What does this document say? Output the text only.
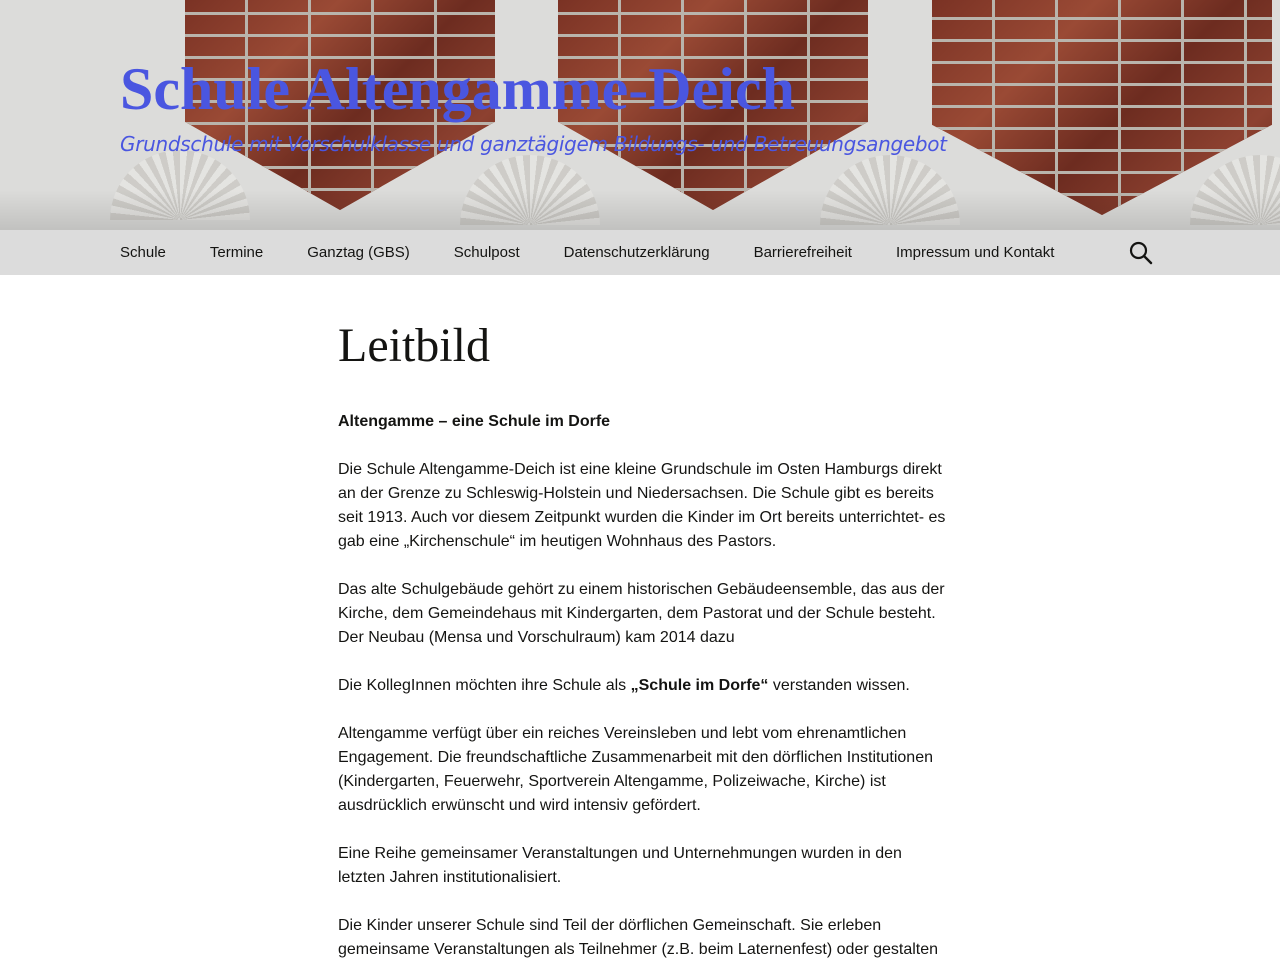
Schule Altengamme-Deich
Grundschule mit Vorschulklasse und ganztägigem Bildungs- und Betreuungsangebot
Schule	Termine	Ganztag (GBS)	Schulpost	Datenschutzerklärung	Barrierefreiheit	Impressum und Kontakt
Leitbild

Altengamme – eine Schule im Dorfe

Die Schule Altengamme-Deich ist eine kleine Grundschule im Osten Hamburgs direkt an der Grenze zu Schleswig-Holstein und Niedersachsen. Die Schule gibt es bereits seit 1913. Auch vor diesem Zeitpunkt wurden die Kinder im Ort bereits unterrichtet- es gab eine „Kirchenschule“ im heutigen Wohnhaus des Pastors.

Das alte Schulgebäude gehört zu einem historischen Gebäudeensemble, das aus der Kirche, dem Gemeindehaus mit Kindergarten, dem Pastorat und der Schule besteht. Der Neubau (Mensa und Vorschulraum) kam 2014 dazu

Die KollegInnen möchten ihre Schule als „Schule im Dorfe“ verstanden wissen.

Altengamme verfügt über ein reiches Vereinsleben und lebt vom ehrenamtlichen Engagement. Die freundschaftliche Zusammenarbeit mit den dörflichen Institutionen (Kindergarten, Feuerwehr, Sportverein Altengamme, Polizeiwache, Kirche) ist ausdrücklich erwünscht und wird intensiv gefördert.

Eine Reihe gemeinsamer Veranstaltungen und Unternehmungen wurden in den letzten Jahren institutionalisiert.

Die Kinder unserer Schule sind Teil der dörflichen Gemeinschaft. Sie erleben gemeinsame Veranstaltungen als Teilnehmer (z.B. beim Laternenfest) oder gestalten
